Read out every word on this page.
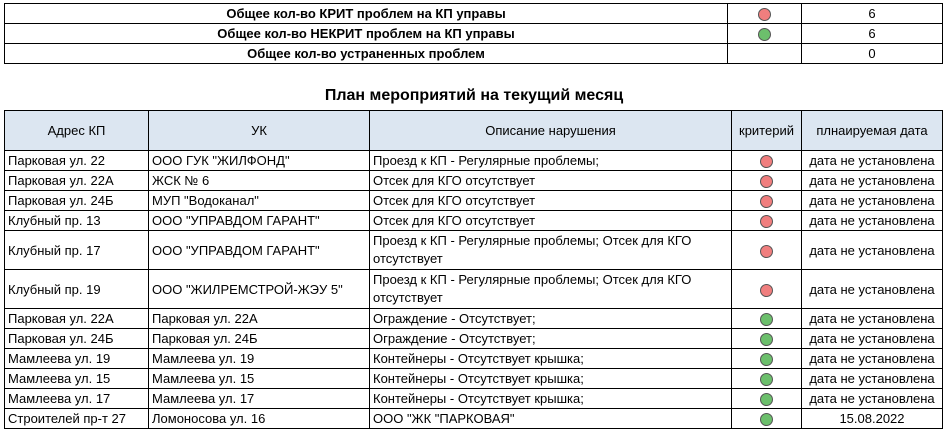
Общее кол-во КРИТ проблем на КП управы		6
Общее кол-во НЕКРИТ проблем на КП управы		6
Общее кол-во устраненных проблем		0
План мероприятий на текущий месяц
Адрес КП	УК	Описание нарушения	критерий	плнаируемая дата
Парковая ул. 22	ООО ГУК "ЖИЛФОНД"	Проезд к КП - Регулярные проблемы;		дата не установлена
Парковая ул. 22А	ЖСК № 6	Отсек для КГО отсутствует		дата не установлена
Парковая ул. 24Б	МУП "Водоканал"	Отсек для КГО отсутствует		дата не установлена
Клубный пр. 13	ООО "УПРАВДОМ ГАРАНТ"	Отсек для КГО отсутствует		дата не установлена
Клубный пр. 17	ООО "УПРАВДОМ ГАРАНТ"	Проезд к КП - Регулярные проблемы; Отсек для КГО отсутствует		дата не установлена
Клубный пр. 19	ООО "ЖИЛРЕМСТРОЙ-ЖЭУ 5"	Проезд к КП - Регулярные проблемы; Отсек для КГО отсутствует		дата не установлена
Парковая ул. 22А	Парковая ул. 22А	Ограждение - Отсутствует;		дата не установлена
Парковая ул. 24Б	Парковая ул. 24Б	Ограждение - Отсутствует;		дата не установлена
Мамлеева ул. 19	Мамлеева ул. 19	Контейнеры - Отсутствует крышка;		дата не установлена
Мамлеева ул. 15	Мамлеева ул. 15	Контейнеры - Отсутствует крышка;		дата не установлена
Мамлеева ул. 17	Мамлеева ул. 17	Контейнеры - Отсутствует крышка;		дата не установлена
Строителей пр-т 27	Ломоносова ул. 16	ООО "ЖК "ПАРКОВАЯ"		15.08.2022
